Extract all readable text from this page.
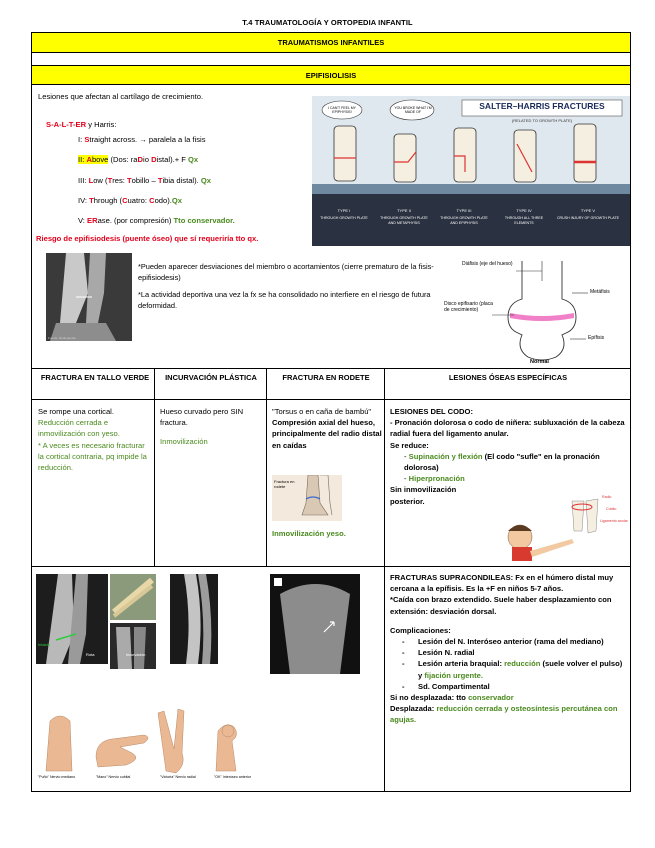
T.4 TRAUMATOLOGÍA Y ORTOPEDIA INFANTIL
TRAUMATISMOS INFANTILES
EPIFISIOLISIS
Lesiones que afectan al cartílago de crecimiento.
S-A-L-T-ER y Harris:
I: Straight across. → paralela a la fisis
II: Above (Dos: raDio Distal).+ F Qx
III: Low (Tres: Tobillo – Tibia distal). Qx
IV: Through (Cuatro: Codo).Qx
V: ERase. (por compresión) Tto conservador.
Riesgo de epifisiodesis (puente óseo) que sí requeriría tto qx.
SALTER–HARRIS FRACTURES
(RELATED TO GROWTH PLATE)
I CAN'T FEEL MY EPIPHYSIS!
YOU BROKE WHAT I'M MADE OF
TYPE I	TYPE II	TYPE III	TYPE IV	TYPE V
THROUGH GROWTH PLATE	THROUGH GROWTH PLATE AND METAPHYSIS
THROUGH GROWTH PLATE AND EPIPHYSIS
THROUGH ALL THREE ELEMENTS
CRUSH INJURY OF GROWTH PLATE
Fuente: Radiopaedia
*Pueden aparecer desviaciones del miembro o acortamientos (cierre prematuro de la fisis- epifisiodesis)
*La actividad deportiva una vez la fx se ha consolidado no interfiere en el riesgo de futura deformidad.
Diáfisis (eje del hueso)
Metáfisis
Disco epifisario (placa de crecimiento)
Epífisis
Normal
FRACTURA EN TALLO VERDE	INCURVACIÓN PLÁSTICA	FRACTURA EN RODETE	LESIONES ÓSEAS ESPECÍFICAS
Se rompe una cortical.
Reducción cerrada e inmovilización con yeso.
* A veces es necesario fracturar la cortical contraria, pq impide la reducción.
Hueso curvado pero SIN fractura.
Inmovilización
"Torsus o en caña de bambú"
Compresión axial del hueso, principalmente del radio distal en caídas
Fractura en rodete
Inmovilización yeso.
LESIONES DEL CODO:
- Pronación dolorosa o codo de niñera: subluxación de la cabeza radial fuera del ligamento anular.
Se reduce:
- Supinación y flexión (El codo "sufle" en la pronación dolorosa)
- Hiperpronación
Sin inmovilización posterior.	Radio
Ligamento anular
Cúbito
Intacta
Rota	Incurvación
"Puño" Nervio mediano	"Mano" Nervio cubital	"Victoria" Nervio radial	"OK" Interóseo anterior
FRACTURAS SUPRACONDILEAS: Fx en el húmero distal muy cercana a la epífisis. Es la +F en niños 5-7 años.
*Caída con brazo extendido. Suele haber desplazamiento con extensión: desviación dorsal.
Complicaciones:
- Lesión del N. Interóseo anterior (rama del mediano)
- Lesión N. radial
- Lesión arteria braquial: reducción (suele volver el pulso) y fijación urgente.
- Sd. Compartimental
Si no desplazada: tto conservador
Desplazada: reducción cerrada y osteosíntesis percutánea con agujas.
